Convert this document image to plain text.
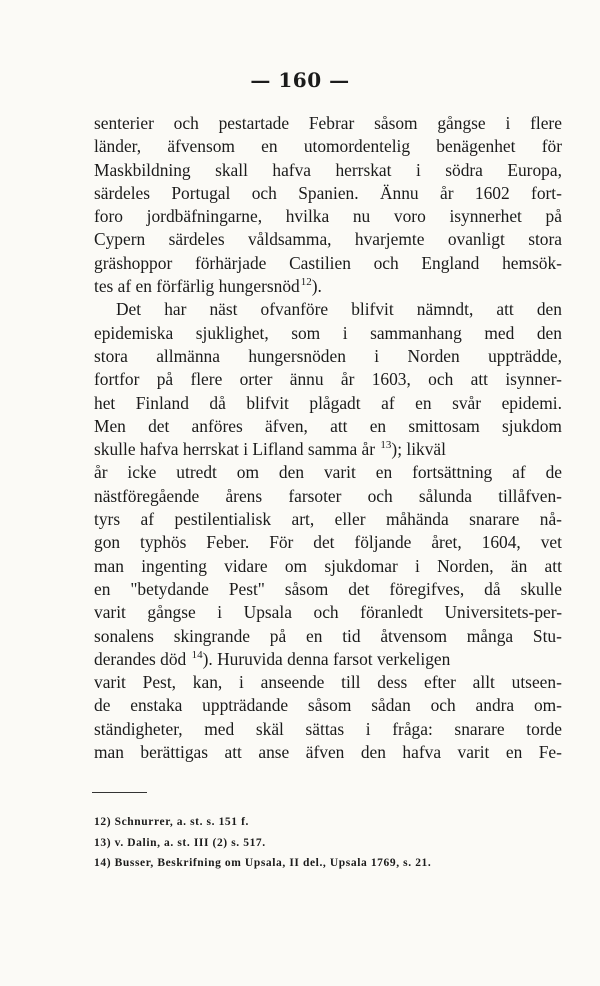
— 160 —
senterier och pestartade Febrar såsom gångse i flere
länder, äfvensom en utomordentelig benägenhet för
Maskbildning skall hafva herrskat i södra Europa,
särdeles Portugal och Spanien. Ännu år 1602 fort-
foro jordbäfningarne, hvilka nu voro isynnerhet på
Cypern särdeles våldsamma, hvarjemte ovanligt stora
gräshoppor förhärjade Castilien och England hemsök-
tes af en förfärlig hungersnöd12).
Det har näst ofvanföre blifvit nämndt, att den
epidemiska sjuklighet, som i sammanhang med den
stora allmänna hungersnöden i Norden uppträdde,
fortfor på flere orter ännu år 1603, och att isynner-
het Finland då blifvit plågadt af en svår epidemi.
Men det anföres äfven, att en smittosam sjukdom
skulle hafva herrskat i Lifland samma år 13); likväl
år icke utredt om den varit en fortsättning af de
nästföregående årens farsoter och sålunda tillåfven-
tyrs af pestilentialisk art, eller måhända snarare nå-
gon typhös Feber. För det följande året, 1604, vet
man ingenting vidare om sjukdomar i Norden, än att
en "betydande Pest" såsom det föregifves, då skulle
varit gångse i Upsala och föranledt Universitets-per-
sonalens skingrande på en tid åtvensom många Stu-
derandes död 14). Huruvida denna farsot verkeligen
varit Pest, kan, i anseende till dess efter allt utseen-
de enstaka uppträdande såsom sådan och andra om-
ständigheter, med skäl sättas i fråga: snarare torde
man berättigas att anse äfven den hafva varit en Fe-
12) Schnurrer, a. st. s. 151 f.
13) v. Dalin, a. st. III (2) s. 517.
14) Busser, Beskrifning om Upsala, II del., Upsala 1769, s. 21.
